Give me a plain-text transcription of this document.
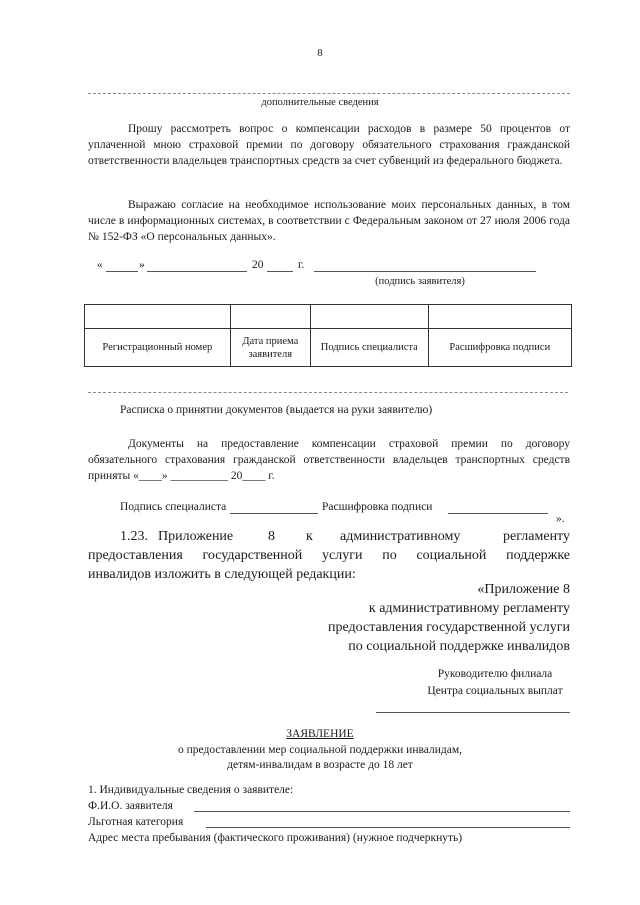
8
дополнительные сведения
Прошу рассмотреть вопрос о компенсации расходов в размере 50 процентов от уплаченной мною страховой премии по договору обязательного страхования гражданской ответственности владельцев транспортных средств за счет субвенций из федерального бюджета.
Выражаю согласие на необходимое использование моих персональных данных, в том числе в информационных системах, в соответствии с Федеральным законом от 27 июля 2006 года № 152-ФЗ «О персональных данных».
«	»	20	г.
(подпись заявителя)

Регистрационный номер	Дата приема заявителя	Подпись специалиста	Расшифровка подписи
Расписка о принятии документов (выдается на руки заявителю)
Документы на предоставление компенсации страховой премии по договору обязательного страхования гражданской ответственности владельцев транспортных средств приняты «____» __________ 20____ г.
Подпись специалиста	Расшифровка подписи
».
1.23. Приложение 8 к административному	регламенту
предоставления государственной услуги по социальной поддержке
инвалидов изложить в следующей редакции:
«Приложение 8
к административному регламенту
предоставления государственной услуги
по социальной поддержке инвалидов
Руководителю филиала
Центра социальных выплат
ЗАЯВЛЕНИЕ
о предоставлении мер социальной поддержки инвалидам,
детям-инвалидам в возрасте до 18 лет
1. Индивидуальные сведения о заявителе:
Ф.И.О. заявителя
Льготная категория
Адрес места пребывания (фактического проживания) (нужное подчеркнуть)
